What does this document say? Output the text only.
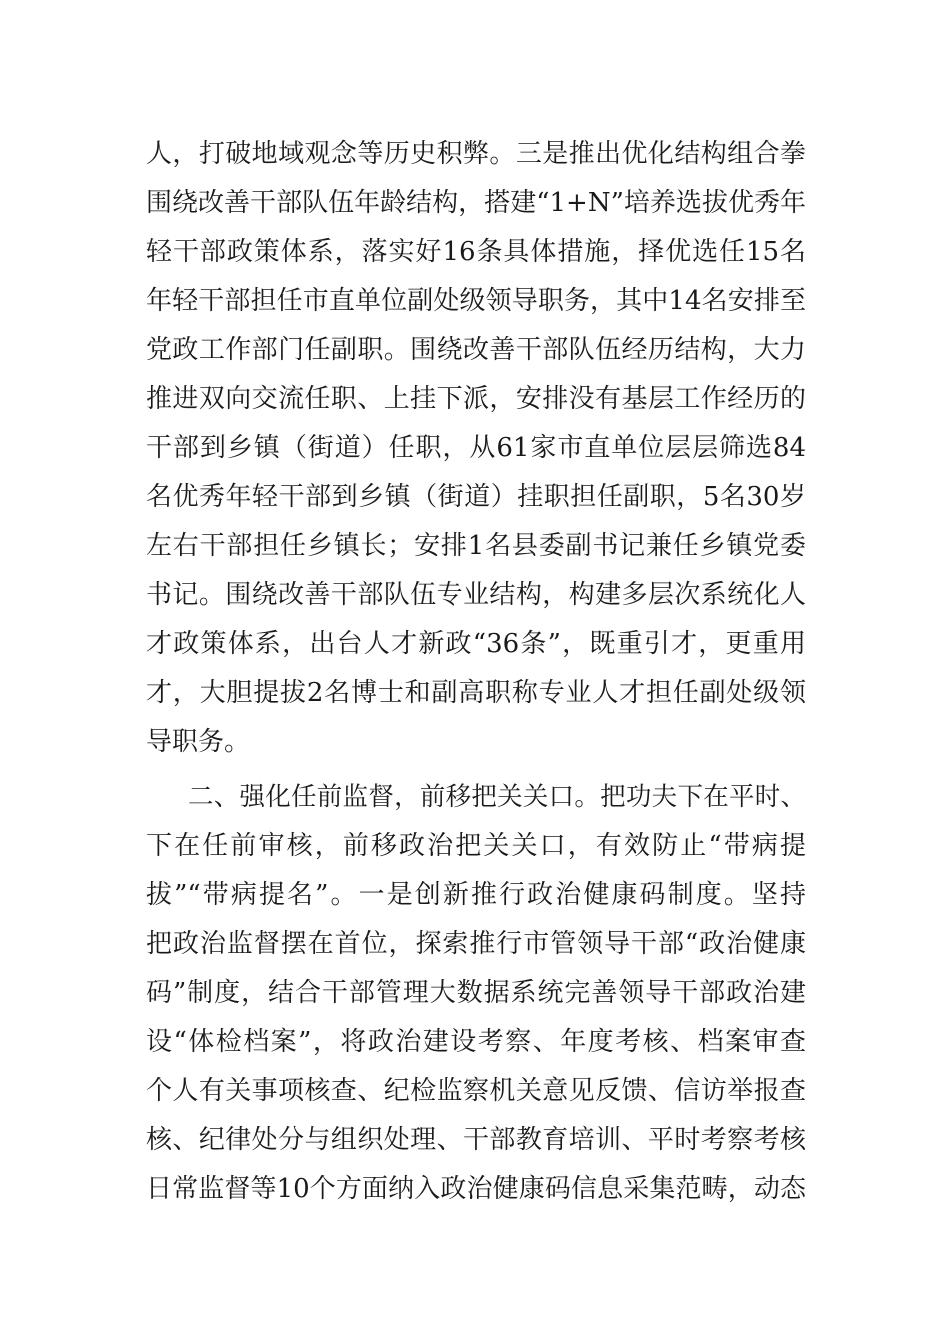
人，打破地域观念等历史积弊。三是推出优化结构组合拳
围绕改善干部队伍年龄结构，搭建“1+N”培养选拔优秀年
轻干部政策体系，落实好16条具体措施，择优选任15名
年轻干部担任市直单位副处级领导职务，其中14名安排至
党政工作部门任副职。围绕改善干部队伍经历结构，大力
推进双向交流任职、上挂下派，安排没有基层工作经历的
干部到乡镇（街道）任职，从61家市直单位层层筛选84
名优秀年轻干部到乡镇（街道）挂职担任副职，5名30岁
左右干部担任乡镇长；安排1名县委副书记兼任乡镇党委
书记。围绕改善干部队伍专业结构，构建多层次系统化人
才政策体系，出台人才新政“36条”，既重引才，更重用
才，大胆提拔2名博士和副高职称专业人才担任副处级领
导职务。
二、强化任前监督，前移把关关口。把功夫下在平时、
下在任前审核，前移政治把关关口，有效防止“带病提
拔”“带病提名”。一是创新推行政治健康码制度。坚持
把政治监督摆在首位，探索推行市管领导干部“政治健康
码”制度，结合干部管理大数据系统完善领导干部政治建
设“体检档案”，将政治建设考察、年度考核、档案审查
个人有关事项核查、纪检监察机关意见反馈、信访举报查
核、纪律处分与组织处理、干部教育培训、平时考察考核
日常监督等10个方面纳入政治健康码信息采集范畴，动态
